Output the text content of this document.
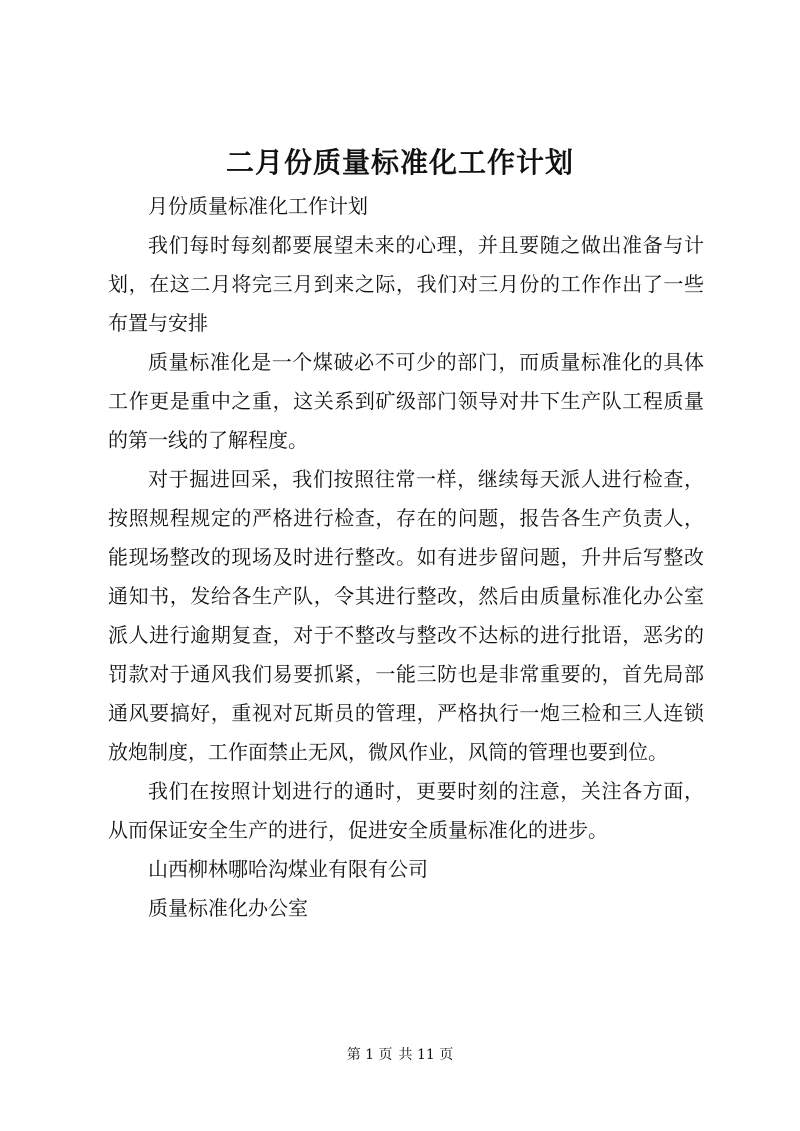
二月份质量标准化工作计划

月份质量标准化工作计划

我们每时每刻都要展望未来的心理，并且要随之做出准备与计划，在这二月将完三月到来之际，我们对三月份的工作作出了一些布置与安排

质量标准化是一个煤破必不可少的部门，而质量标准化的具体工作更是重中之重，这关系到矿级部门领导对井下生产队工程质量的第一线的了解程度。

对于掘进回采，我们按照往常一样，继续每天派人进行检查，按照规程规定的严格进行检查，存在的问题，报告各生产负责人，能现场整改的现场及时进行整改。如有进步留问题，升井后写整改通知书，发给各生产队，令其进行整改，然后由质量标准化办公室派人进行逾期复查，对于不整改与整改不达标的进行批语，恶劣的罚款对于通风我们易要抓紧，一能三防也是非常重要的，首先局部通风要搞好，重视对瓦斯员的管理，严格执行一炮三检和三人连锁放炮制度，工作面禁止无风，微风作业，风筒的管理也要到位。

我们在按照计划进行的通时，更要时刻的注意，关注各方面，从而保证安全生产的进行，促进安全质量标准化的进步。

山西柳林哪哈沟煤业有限有公司

质量标准化办公室

第 1 页 共 11 页
